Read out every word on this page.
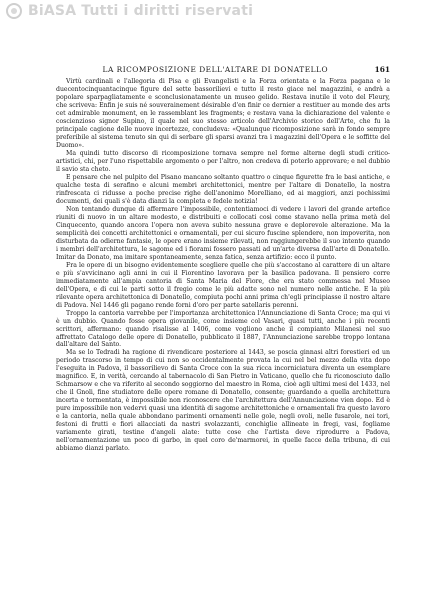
BiASA Tutti i diritti riservati
LA RICOMPOSIZIONE DELL'ALTARE DI DONATELLO	161

Virtù cardinali e l'allegoria di Pisa e gli Evangelisti e la Forza orientata e la Forza pagana e le duecentocinquantacinque figure del sette bassorilievi e tutto il resto giace nel magazzini, e andrà a popolare sparpagliatamente e sconclusionatamente un museo gelido. Restava inutile il voto del Fleury, che scriveva: Enfin je suis né souverainement désirable d'en finir ce dernier a restituer au monde des arts cet admirable monument, en le rassemblant les fragments; e restava vana la dichiarazione del valente e coscienzioso signor Supino, il quale nel suo stesso articolo dell'Archivio storico dell'Arte, che fu la principale cagione delle nuove incertezze, concludeva: «Qualunque ricomposizione sarà in fondo sempre preferibile al sistema tenuto sin qui di serbare gli sparsi avanzi tra i magazzini dell'Opera e le soffitte del Duomo».

Ma quindi tutto discorso di ricomposizione tornava sempre nel forme alterne degli studi critico-artistici, chi, per l'uno rispettabile argomento o per l'altro, non credeva di poterlo approvare; e nel dubbio il savio sta cheto.

E pensare che nel pulpito del Pisano mancano soltanto quattro o cinque figurette fra le basi antiche, e qualche testa di serafino e alcuni membri architettonici, mentre per l'altare di Donatello, la nostra rinfrescata ci ridusse a poche precise righe dell'anonimo Morelliano, ed ai maggiori, anzi pochissimi documenti, dei quali s'è data dianzi la completa e fedele notizia!

Non tentando dunque di affermare l'impossibile, contentiamoci di vedere i lavori del grande artefice riuniti di nuovo in un altare modesto, e distribuiti e collocati così come stavano nella prima metà del Cinquecento, quando ancora l'opera non aveva subito nessuna grave e deplorevole alterazione. Ma la semplicità dei concetti architettonici e ornamentali, per cui sicuro fuscine splendere, non impoverita, non disturbata da odierne fantasie, le opere erano insieme rilevati, non raggiungerebbe il suo intento quando i membri dell'architettura, le sagome ed i fiorami fossero passati ad un'arte diversa dall'arte di Donatello. Imitar da Donato, ma imitare spontaneamente, senza fatica, senza artifizio: ecco il punto.

Fra le opere di un bisogno evidentemente scegliere quelle che più s'accostano al carattere di un altare e più s'avvicinano agli anni in cui il Fiorentino lavorava per la basilica padovana. Il pensiero corre immediatamente all'ampia cantoria di Santa Maria del Fiore, che era stato commessa nel Museo dell'Opera, e di cui le parti sotto il fregio come le più adatte sono nel numero nelle antiche. E la più rilevante opera architettonica di Donatello, compiuta pochi anni prima ch'egli principiasse il nostro altare di Padova. Nel 1446 gli pagano rende forni d'oro per parte satellaris perenni.

Troppo la cantoria varrebbe per l'importanza architettonica l'Annunciazione di Santa Croce; ma qui vi è un dubbio. Quando fosse opera giovanile, come insieme col Vasari, quasi tutti, anche i più recenti scrittori, affermano: quando risalisse al 1406, come vogliono anche il compianto Milanesi nel suo affrettato Catalogo delle opere di Donatello, pubblicato il 1887, l'Annunciazione sarebbe troppo lontana dall'altare del Santo.

Ma se lo Tedradi ha ragione di rivendicare posteriore al 1443, se poscia ginnasi altri forestieri ed un periodo trascorso in tempo di cui non so occidentalmente provata la cui nel bel mezzo della vita dopo l'eseguita in Padova, il bassorilievo di Santa Croce con la sua ricca incorniciatura diventa un esemplare magnifico. E, in verità, cercando al tabernacolo di San Pietro in Vaticano, quello che fu riconosciuto dallo Schmarsow e che va riferito al secondo soggiorno del maestro in Roma, cioè agli ultimi mesi del 1433, nel che il Gnoli, fine studiatore delle opere romane di Donatello, consente; guardando a quella architettura incerta e tormentata, è impossibile non riconoscere che l'architettura dell'Annunciazione vien dopo. Ed è pure impossibile non vedervi quasi una identità di sagome architettoniche e ornamentali fra questo lavoro e la cantoria, nella quale abbondano parimenti ornamenti nelle gole, negli ovoli, nelle fusarole, nei tori, festoni di frutti e fiori allacciati da nastri svolazzanti, conchiglie allineate in fregi, vasi, fogliame variamente girati, testine d'angeli alate: tutte cose che l'artista deve riprodurre a Padova, nell'ornamentazione un poco di garbo, in quel coro de'marmorei, in quelle facce della tribuna, di cui abbiamo dianzi parlato.
